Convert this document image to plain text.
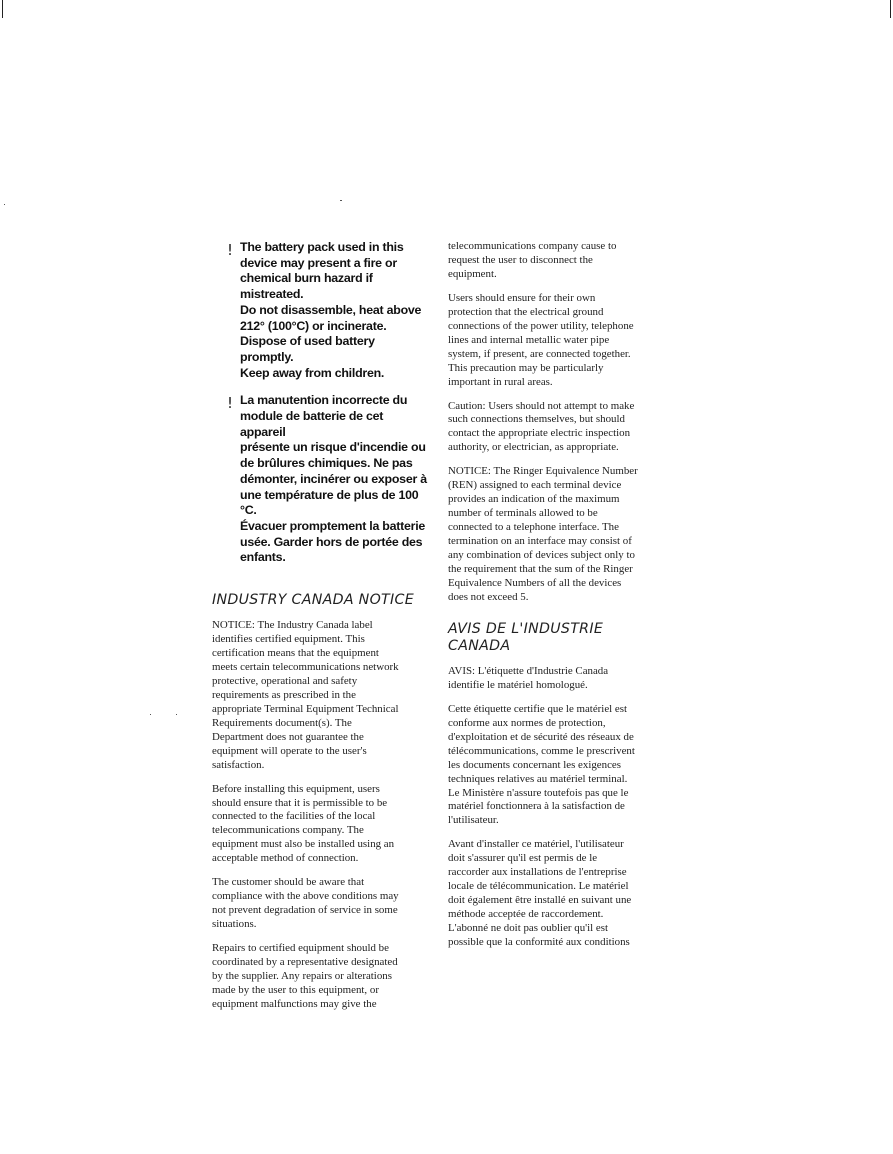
! The battery pack used in this
device may present a fire or
chemical burn hazard if mistreated.
Do not disassemble, heat above
212° (100°C) or incinerate.
Dispose of used battery promptly.
Keep away from children.
! La manutention incorrecte du
module de batterie de cet appareil
présente un risque d'incendie ou
de brûlures chimiques. Ne pas
démonter, incinérer ou exposer à
une température de plus de 100 °C.
Évacuer promptement la batterie
usée. Garder hors de portée des
enfants.
INDUSTRY CANADA NOTICE

NOTICE: The Industry Canada label
identifies certified equipment. This
certification means that the equipment
meets certain telecommunications network
protective, operational and safety
requirements as prescribed in the
appropriate Terminal Equipment Technical
Requirements document(s). The
Department does not guarantee the
equipment will operate to the user's
satisfaction.

Before installing this equipment, users
should ensure that it is permissible to be
connected to the facilities of the local
telecommunications company. The
equipment must also be installed using an
acceptable method of connection.

The customer should be aware that
compliance with the above conditions may
not prevent degradation of service in some
situations.

Repairs to certified equipment should be
coordinated by a representative designated
by the supplier. Any repairs or alterations
made by the user to this equipment, or
equipment malfunctions may give the

telecommunications company cause to
request the user to disconnect the
equipment.

Users should ensure for their own
protection that the electrical ground
connections of the power utility, telephone
lines and internal metallic water pipe
system, if present, are connected together.
This precaution may be particularly
important in rural areas.

Caution: Users should not attempt to make
such connections themselves, but should
contact the appropriate electric inspection
authority, or electrician, as appropriate.

NOTICE: The Ringer Equivalence Number
(REN) assigned to each terminal device
provides an indication of the maximum
number of terminals allowed to be
connected to a telephone interface. The
termination on an interface may consist of
any combination of devices subject only to
the requirement that the sum of the Ringer
Equivalence Numbers of all the devices
does not exceed 5.

AVIS DE L'INDUSTRIE
CANADA

AVIS: L'étiquette d'Industrie Canada
identifie le matériel homologué.

Cette étiquette certifie que le matériel est
conforme aux normes de protection,
d'exploitation et de sécurité des réseaux de
télécommunications, comme le prescrivent
les documents concernant les exigences
techniques relatives au matériel terminal.
Le Ministère n'assure toutefois pas que le
matériel fonctionnera à la satisfaction de
l'utilisateur.

Avant d'installer ce matériel, l'utilisateur
doit s'assurer qu'il est permis de le
raccorder aux installations de l'entreprise
locale de télécommunication. Le matériel
doit également être installé en suivant une
méthode acceptée de raccordement.
L'abonné ne doit pas oublier qu'il est
possible que la conformité aux conditions
